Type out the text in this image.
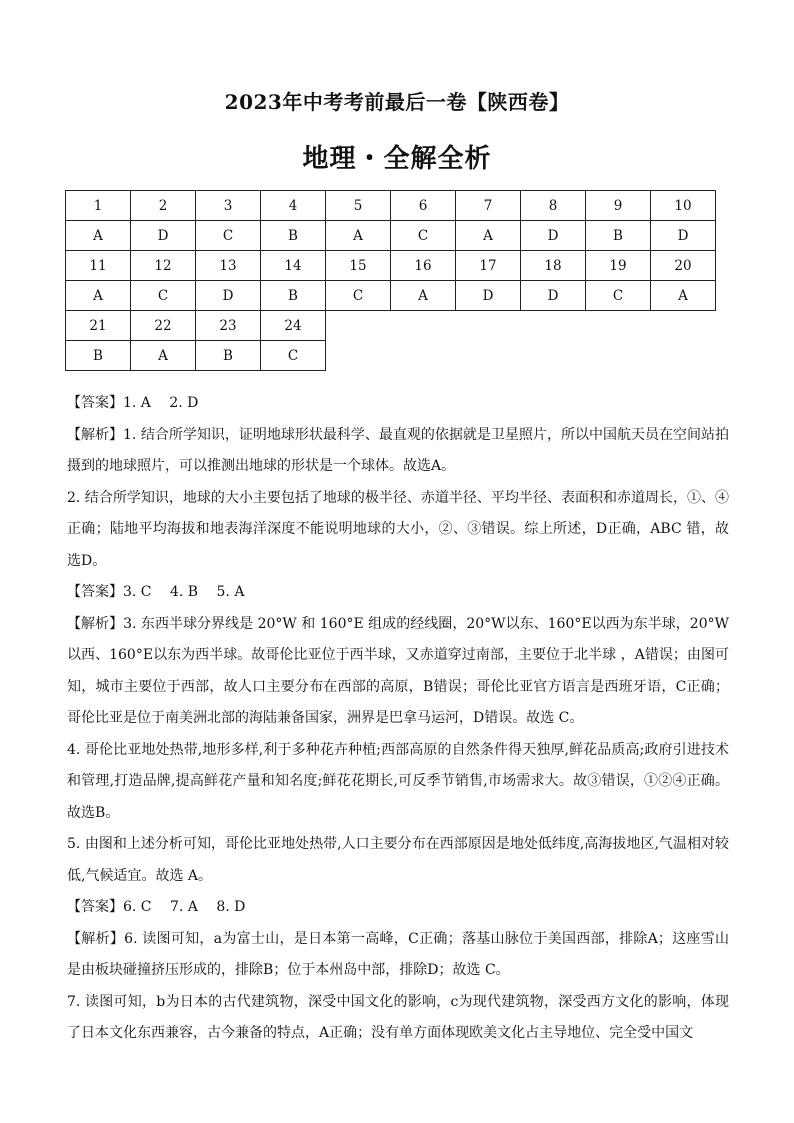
2023年中考考前最后一卷【陕西卷】
地理・全解全析
1	2	3	4	5	6	7	8	9	10
A	D	C	B	A	C	A	D	B	D
11	12	13	14	15	16	17	18	19	20
A	C	D	B	C	A	D	D	C	A
21	22	23	24						
B	A	B	C						

【答案】1. A　 2. D

【解析】1. 结合所学知识，证明地球形状最科学、最直观的依据就是卫星照片，所以中国航天员在空间站拍摄到的地球照片，可以推测出地球的形状是一个球体。故选A。

2. 结合所学知识，地球的大小主要包括了地球的极半径、赤道半径、平均半径、表面积和赤道周长，①、④正确；陆地平均海拔和地表海洋深度不能说明地球的大小，②、③错误。综上所述，D正确，ABC 错，故选D。

【答案】3. C　 4. B　 5. A

【解析】3. 东西半球分界线是 20°W 和 160°E 组成的经线圈，20°W以东、160°E以西为东半球，20°W以西、160°E以东为西半球。故哥伦比亚位于西半球，又赤道穿过南部，主要位于北半球 ，A错误；由图可知，城市主要位于西部，故人口主要分布在西部的高原，B错误；哥伦比亚官方语言是西班牙语，C正确；哥伦比亚是位于南美洲北部的海陆兼备国家，洲界是巴拿马运河，D错误。故选 C。

4. 哥伦比亚地处热带,地形多样,利于多种花卉种植;西部高原的自然条件得天独厚,鲜花品质高;政府引进技术和管理,打造品牌,提高鲜花产量和知名度;鲜花花期长,可反季节销售,市场需求大。故③错误，①②④正确。故选B。

5. 由图和上述分析可知，哥伦比亚地处热带,人口主要分布在西部原因是地处低纬度,高海拔地区,气温相对较低,气候适宜。故选 A。

【答案】6. C　 7. A　 8. D

【解析】6. 读图可知，a为富士山，是日本第一高峰，C正确；落基山脉位于美国西部，排除A；这座雪山是由板块碰撞挤压形成的，排除B；位于本州岛中部，排除D；故选 C。

7. 读图可知，b为日本的古代建筑物，深受中国文化的影响，c为现代建筑物，深受西方文化的影响，体现了日本文化东西兼容，古今兼备的特点，A正确；没有单方面体现欧美文化占主导地位、完全受中国文
